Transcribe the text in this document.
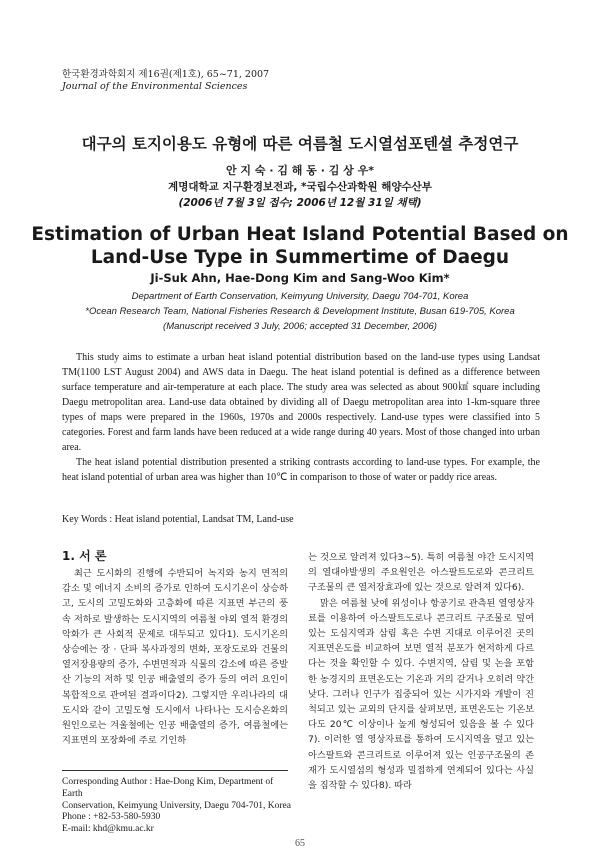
한국환경과학회지 제16권(제1호), 65~71, 2007
Journal of the Environmental Sciences
대구의 토지이용도 유형에 따른 여름철 도시열섬포텐셜 추정연구
안 지 숙 · 김 해 동 · 김 상 우*
계명대학교 지구환경보전과, *국립수산과학원 해양수산부
(2006년 7월 3일 접수; 2006년 12월 31일 채택)
Estimation of Urban Heat Island Potential Based on
Land-Use Type in Summertime of Daegu
Ji-Suk Ahn, Hae-Dong Kim and Sang-Woo Kim*
Department of Earth Conservation, Keimyung University, Daegu 704-701, Korea
*Ocean Research Team, National Fisheries Research & Development Institute, Busan 619-705, Korea
(Manuscript received 3 July, 2006; accepted 31 December, 2006)

This study aims to estimate a urban heat island potential distribution based on the land-use types using Landsat TM(1100 LST August 2004) and AWS data in Daegu. The heat island potential is defined as a difference between surface temperature and air-temperature at each place. The study area was selected as about 900㎢ square including Daegu metropolitan area. Land-use data obtained by dividing all of Daegu metropolitan area into 1-km-square three types of maps were prepared in the 1960s, 1970s and 2000s respectively. Land-use types were classified into 5 categories. Forest and farm lands have been reduced at a wide range during 40 years. Most of those changed into urban area.

The heat island potential distribution presented a striking contrasts according to land-use types. For example, the heat island potential of urban area was higher than 10℃ in comparison to those of water or paddy rice areas.

Key Words : Heat island potential, Landsat TM, Land-use
1. 서 론

최근 도시화의 진행에 수반되어 녹지와 농지 면적의 감소 및 에너지 소비의 증가로 인하여 도시기온이 상승하고, 도시의 고밀도화와 고층화에 따른 지표면 부근의 풍속 저하로 발생하는 도시지역의 여름철 야외 열적 환경의 악화가 큰 사회적 문제로 대두되고 있다1). 도시기온의 상승에는 장 · 단파 복사과정의 변화, 포장도로와 건물의 열저장용량의 증가, 수변면적과 식물의 감소에 따른 증발산 기능의 저하 및 인공 배출열의 증가 등의 여러 요인이 복합적으로 관여된 결과이다2). 그렇지만 우리나라의 대도시와 같이 고밀도형 도시에서 나타나는 도시승온화의 원인으로는 겨울철에는 인공 배출열의 증가, 여름철에는 지표면의 포장화에 주로 기인하

는 것으로 알려져 있다3~5). 특히 여름철 야간 도시지역의 열대야발생의 주요원인은 아스팔트도로와 콘크리트 구조물의 큰 열저장효과에 있는 것으로 알려져 있다6).

맑은 여름철 낮에 위성이나 항공기로 관측된 열영상자료를 이용하여 아스팔트도로나 콘크리트 구조물로 덮여있는 도심지역과 삼림 혹은 수변 지대로 이루어진 곳의 지표면온도를 비교하여 보면 열적 분포가 현저하게 다르다는 것을 확인할 수 있다. 수변지역, 삼림 및 논을 포함한 농경지의 표면온도는 기온과 거의 같거나 오히려 약간 낮다. 그러나 인구가 집중되어 있는 시가지와 개발이 진척되고 있는 교외의 단지를 살펴보면, 표면온도는 기온보다도 20℃ 이상이나 높게 형성되어 있음을 볼 수 있다7). 이러한 열 영상자료를 통하여 도시지역을 덮고 있는 아스팔트와 콘크리트로 이루어져 있는 인공구조물의 존재가 도시열섬의 형성과 밀접하게 연계되어 있다는 사실을 짐작할 수 있다8). 따라

Corresponding Author : Hae-Dong Kim, Department of Earth
Conservation, Keimyung University, Daegu 704-701, Korea
Phone : +82-53-580-5930
E-mail: khd@kmu.ac.kr
65
